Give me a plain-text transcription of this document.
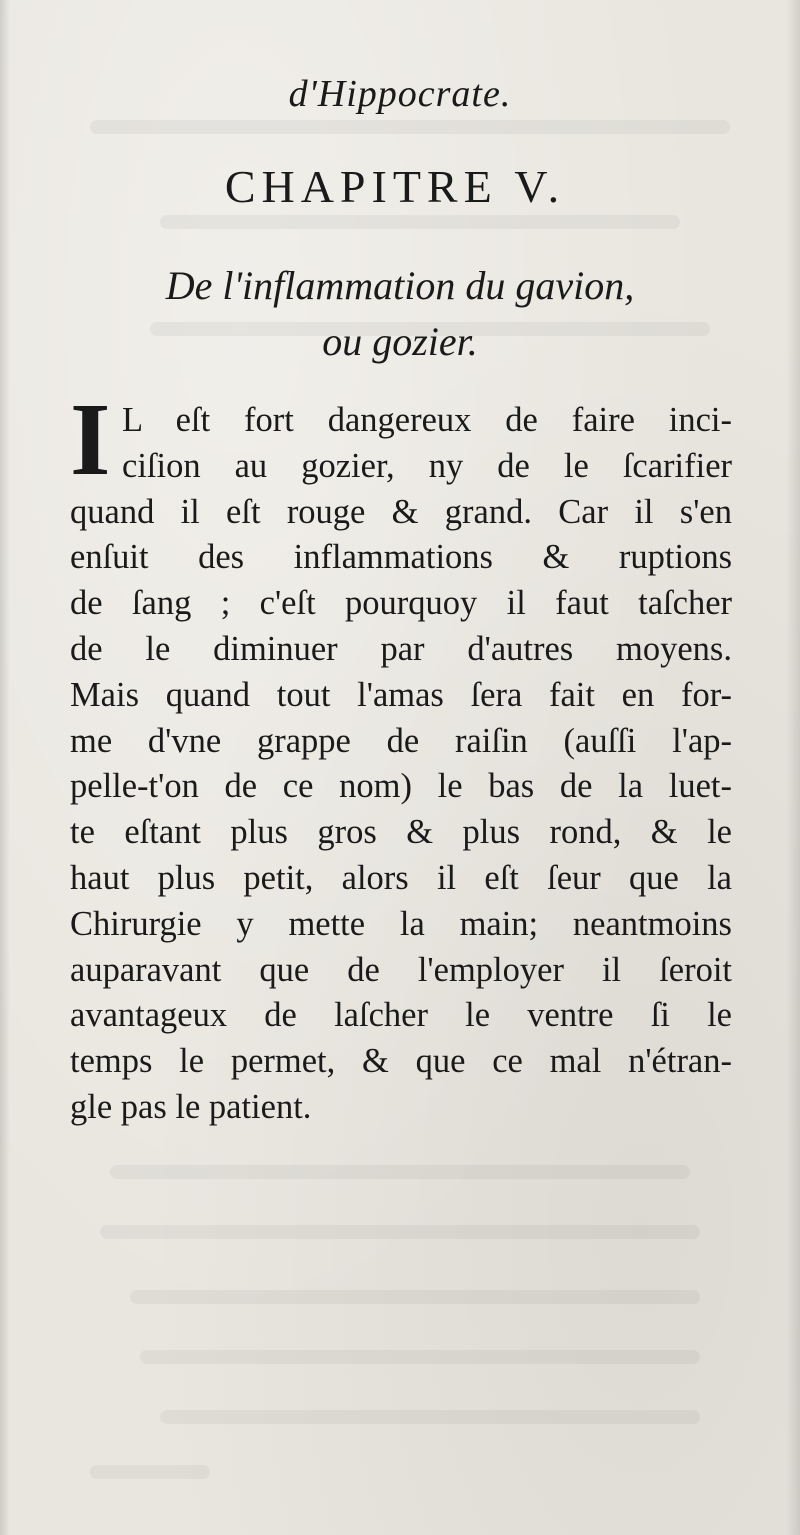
d'Hippocrate.
CHAPITRE V.
De l'inflammation du gavion,
ou gozier.
I L eſt fort dangereux de faire inci-
ciſion au gozier, ny de le ſcarifier
quand il eſt rouge & grand. Car il s'en
enſuit des inflammations & ruptions
de ſang ; c'eſt pourquoy il faut taſcher
de le diminuer par d'autres moyens.
Mais quand tout l'amas ſera fait en for-
me d'vne grappe de raiſin (auſſi l'ap-
pelle-t'on de ce nom) le bas de la luet-
te eſtant plus gros & plus rond, & le
haut plus petit, alors il eſt ſeur que la
Chirurgie y mette la main; neantmoins
auparavant que de l'employer il ſeroit
avantageux de laſcher le ventre ſi le
temps le permet, & que ce mal n'étran-
gle pas le patient.
